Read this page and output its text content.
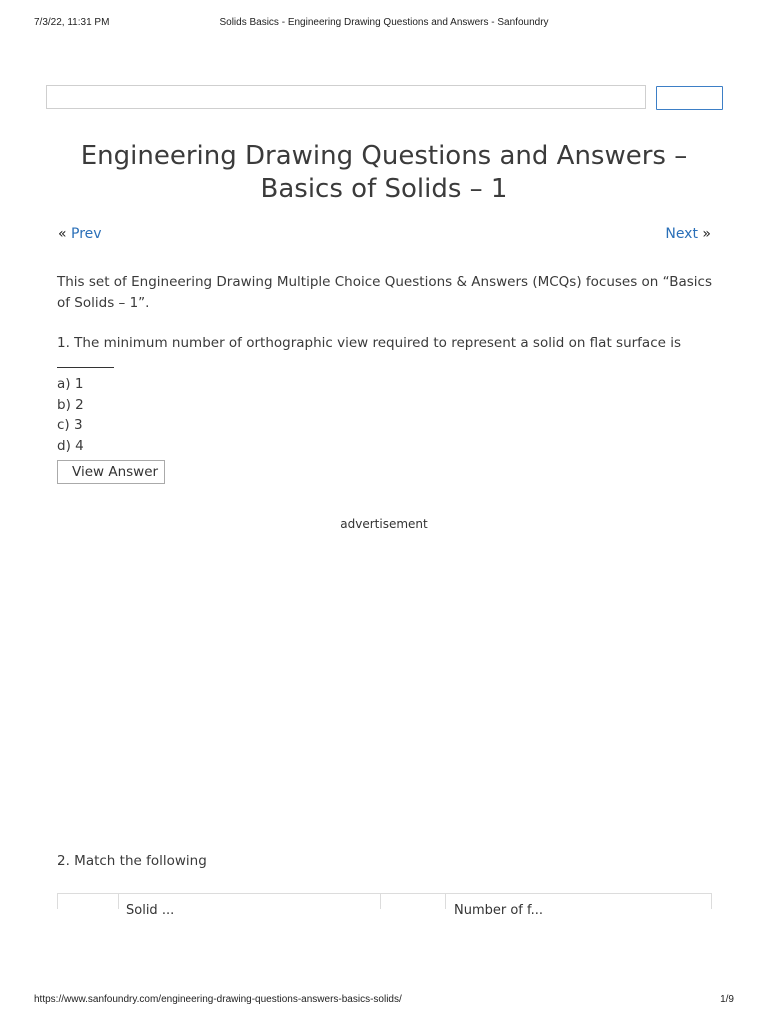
7/3/22, 11:31 PM	Solids Basics - Engineering Drawing Questions and Answers - Sanfoundry
Engineering Drawing Questions and Answers – Basics of Solids – 1
« Prev	Next »

This set of Engineering Drawing Multiple Choice Questions & Answers (MCQs) focuses on “Basics of Solids – 1”.

1. The minimum number of orthographic view required to represent a solid on flat surface is

a) 1
b) 2
c) 3
d) 4
View Answer
advertisement

2. Match the following

Solid ...	Number of f...
https://www.sanfoundry.com/engineering-drawing-questions-answers-basics-solids/	1/9
